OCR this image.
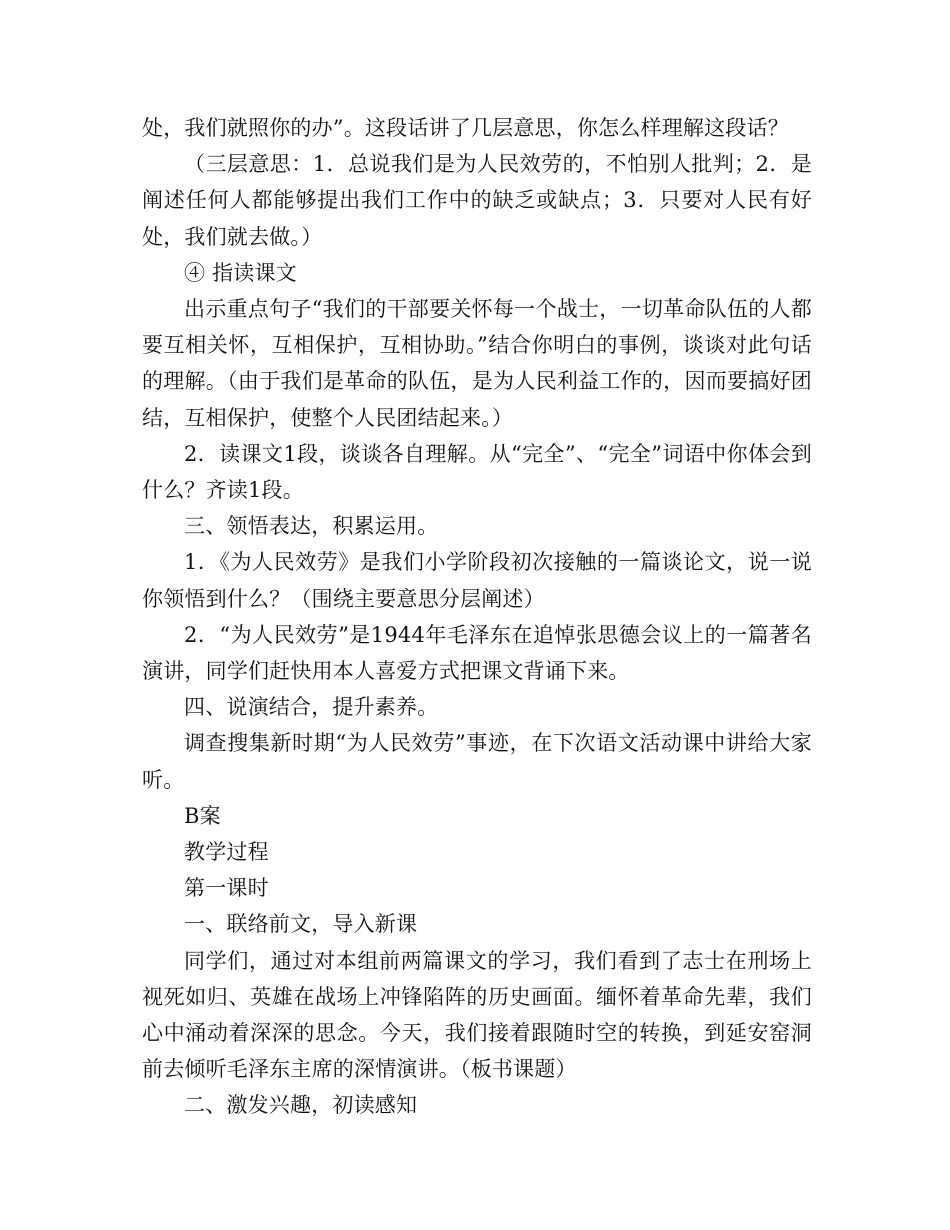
处，我们就照你的办”。这段话讲了几层意思，你怎么样理解这段话？

（三层意思：1．总说我们是为人民效劳的，不怕别人批判；2．是阐述任何人都能够提出我们工作中的缺乏或缺点；3．只要对人民有好处，我们就去做。）

④ 指读课文

出示重点句子“我们的干部要关怀每一个战士，一切革命队伍的人都要互相关怀，互相保护，互相协助。”结合你明白的事例，谈谈对此句话的理解。（由于我们是革命的队伍，是为人民利益工作的，因而要搞好团结，互相保护，使整个人民团结起来。）

2．读课文1段，谈谈各自理解。从“完全”、“完全”词语中你体会到什么？齐读1段。

三、领悟表达，积累运用。

1．《为人民效劳》是我们小学阶段初次接触的一篇谈论文，说一说你领悟到什么？（围绕主要意思分层阐述）

2．“为人民效劳”是1944年毛泽东在追悼张思德会议上的一篇著名演讲，同学们赶快用本人喜爱方式把课文背诵下来。

四、说演结合，提升素养。

调查搜集新时期“为人民效劳”事迹，在下次语文活动课中讲给大家听。

B案

教学过程

第一课时

一、联络前文，导入新课

同学们，通过对本组前两篇课文的学习，我们看到了志士在刑场上视死如归、英雄在战场上冲锋陷阵的历史画面。缅怀着革命先辈，我们心中涌动着深深的思念。今天，我们接着跟随时空的转换，到延安窑洞前去倾听毛泽东主席的深情演讲。（板书课题）

二、激发兴趣，初读感知
